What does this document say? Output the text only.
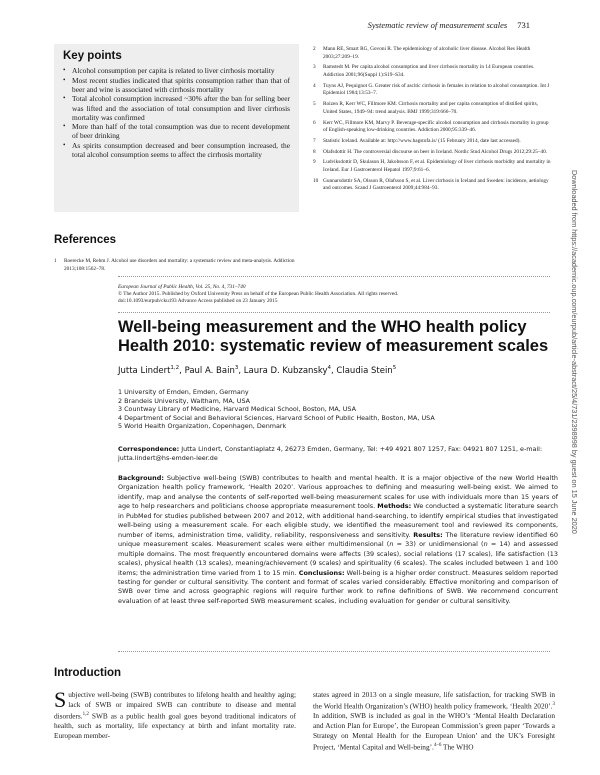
Systematic review of measurement scales 731
Key points
• Alcohol consumption per capita is related to liver cirrhosis mortality
• Most recent studies indicated that spirits consumption rather than that of beer and wine is associated with cirrhosis mortality
• Total alcohol consumption increased ~30% after the ban for selling beer was lifted and the association of total consumption and liver cirrhosis mortality was confirmed
• More than half of the total consumption was due to recent development of beer drinking
• As spirits consumption decreased and beer consumption increased, the total alcohol consumption seems to affect the cirrhosis mortality
References
1 Roerecke M, Rehm J. Alcohol use disorders and mortality: a systematic review and meta-analysis. Addiction 2013;108:1562–78.
2 Mann RE, Smart RG, Govoni R. The epidemiology of alcoholic liver disease. Alcohol Res Health 2003;27:209–19.
3 Ramstedt M. Per capita alcohol consumption and liver cirrhosis mortality in 14 European countries. Addiction 2001;96(Suppl 1):S19–S34.
4 Tuyns AJ, Pequignot G. Greater risk of ascitic cirrhosis in females in relation to alcohol consumption. Int J Epidemiol 1984;13:53–7.
5 Roizen R, Kerr WC, Fillmore KM. Cirrhosis mortality and per capita consumption of distilled spirits, United States, 1949–94: trend analysis. BMJ 1999;319:666–70.
6 Kerr WC, Fillmore KM, Marvy P. Beverage-specific alcohol consumption and cirrhosis mortality in group of English-speaking low-drinking countries. Addiction 2000;95:339–46.
7 Statistic Iceland. Available at: http://www.hagstofa.is/ (15 February 2014, date last accessed).
8 Olafsdottir H. The controversial discourse on beer in Iceland. Nordic Stud Alcohol Drugs 2012;29:25–40.
9 Ludviksdottir D, Skulason H, Jakobsson F, et al. Epidemiology of liver cirrhosis morbidity and mortality in Iceland. Eur J Gastroenterol Hepatol 1997;9:61–6.
10 Gunnarsdottir SA, Olsson R, Olafsson S, et al. Liver cirrhosis in Iceland and Sweden: incidence, aetiology and outcomes. Scand J Gastroenterol 2009;44:984–93.
European Journal of Public Health, Vol. 25, No. 4, 731–740
© The Author 2015. Published by Oxford University Press on behalf of the European Public Health Association. All rights reserved.
doi:10.1093/eurpub/cku193 Advance Access published on 23 January 2015
Well-being measurement and the WHO health policy Health 2010: systematic review of measurement scales
Jutta Lindert$^{1,2}$, Paul A. Bain$^3$, Laura D. Kubzansky$^4$, Claudia Stein$^5$
1 University of Emden, Emden, Germany
2 Brandeis University, Waltham, MA, USA
3 Countway Library of Medicine, Harvard Medical School, Boston, MA, USA
4 Department of Social and Behavioral Sciences, Harvard School of Public Health, Boston, MA, USA
5 World Health Organization, Copenhagen, Denmark
Correspondence: Jutta Lindert, Constantiaplatz 4, 26273 Emden, Germany, Tel: +49 4921 807 1257, Fax: 04921 807 1251, e-mail: jutta.lindert@hs-emden-leer.de
Background: Subjective well-being (SWB) contributes to health and mental health. It is a major objective of the new World Health Organization health policy framework, ‘Health 2020’. Various approaches to defining and measuring well-being exist. We aimed to identify, map and analyse the contents of self-reported well-being measurement scales for use with individuals more than 15 years of age to help researchers and politicians choose appropriate measurement tools. Methods: We conducted a systematic literature search in PubMed for studies published between 2007 and 2012, with additional hand-searching, to identify empirical studies that investigated well-being using a measurement scale. For each eligible study, we identified the measurement tool and reviewed its components, number of items, administration time, validity, reliability, responsiveness and sensitivity. Results: The literature review identified 60 unique measurement scales. Measurement scales were either multidimensional (n = 33) or unidimensional (n = 14) and assessed multiple domains. The most frequently encountered domains were affects (39 scales), social relations (17 scales), life satisfaction (13 scales), physical health (13 scales), meaning/achievement (9 scales) and spirituality (6 scales). The scales included between 1 and 100 items; the administration time varied from 1 to 15 min. Conclusions: Well-being is a higher order construct. Measures seldom reported testing for gender or cultural sensitivity. The content and format of scales varied considerably. Effective monitoring and comparison of SWB over time and across geographic regions will require further work to refine definitions of SWB. We recommend concurrent evaluation of at least three self-reported SWB measurement scales, including evaluation for gender or cultural sensitivity.
Introduction
Subjective well-being (SWB) contributes to lifelong health and healthy aging; lack of SWB or impaired SWB can contribute to disease and mental disorders.$^{1,2}$ SWB as a public health goal goes beyond traditional indicators of health, such as mortality, life expectancy at birth and infant mortality rate. European member-
states agreed in 2013 on a single measure, life satisfaction, for tracking SWB in the World Health Organization’s (WHO) health policy framework, ‘Health 2020’.$^3$ In addition, SWB is included as goal in the WHO’s ‘Mental Health Declaration and Action Plan for Europe’, the European Commission’s green paper ‘Towards a Strategy on Mental Health for the European Union’ and the UK’s Foresight Project, ‘Mental Capital and Well-being’.$^{4-6}$ The WHO
Downloaded from https://academic.oup.com/eurpub/article-abstract/25/4/731/2398998 by guest on 15 June 2020
